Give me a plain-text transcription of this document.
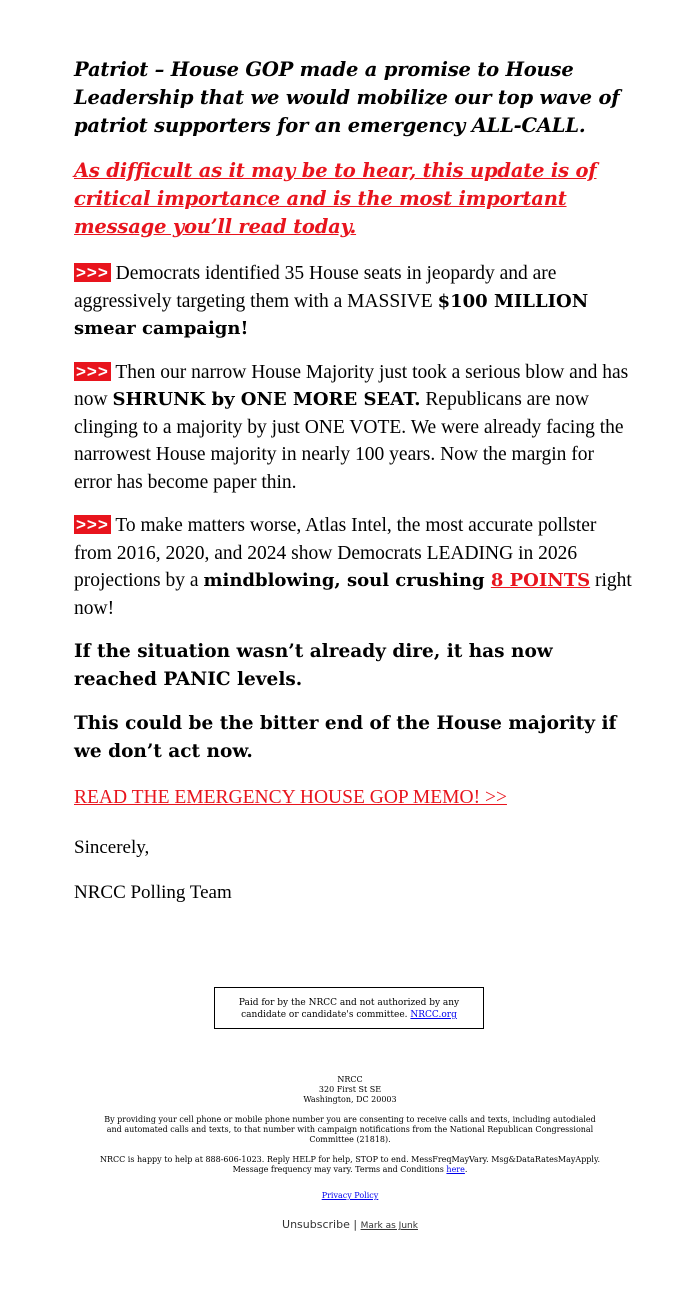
Patriot – House GOP made a promise to House Leadership that we would mobilize our top wave of patriot supporters for an emergency ALL-CALL.

As difficult as it may be to hear, this update is of critical importance and is the most important message you’ll read today.

>>> Democrats identified 35 House seats in jeopardy and are aggressively targeting them with a MASSIVE $100 MILLION smear campaign!

>>> Then our narrow House Majority just took a serious blow and has now SHRUNK by ONE MORE SEAT. Republicans are now clinging to a majority by just ONE VOTE. We were already facing the narrowest House majority in nearly 100 years. Now the margin for error has become paper thin.

>>> To make matters worse, Atlas Intel, the most accurate pollster from 2016, 2020, and 2024 show Democrats LEADING in 2026 projections by a mindblowing, soul crushing 8 POINTS right now!

If the situation wasn’t already dire, it has now reached PANIC levels.

This could be the bitter end of the House majority if we don’t act now.

READ THE EMERGENCY HOUSE GOP MEMO! >>

Sincerely,

NRCC Polling Team

Paid for by the NRCC and not authorized by any candidate or candidate's committee. NRCC.org
NRCC
320 First St SE
Washington, DC 20003
By providing your cell phone or mobile phone number you are consenting to receive calls and texts, including autodialed and automated calls and texts, to that number with campaign notifications from the National Republican Congressional Committee (21818).
NRCC is happy to help at 888-606-1023. Reply HELP for help, STOP to end. MessFreqMayVary. Msg&DataRatesMayApply. Message frequency may vary. Terms and Conditions here.
Privacy Policy
Unsubscribe | Mark as Junk
